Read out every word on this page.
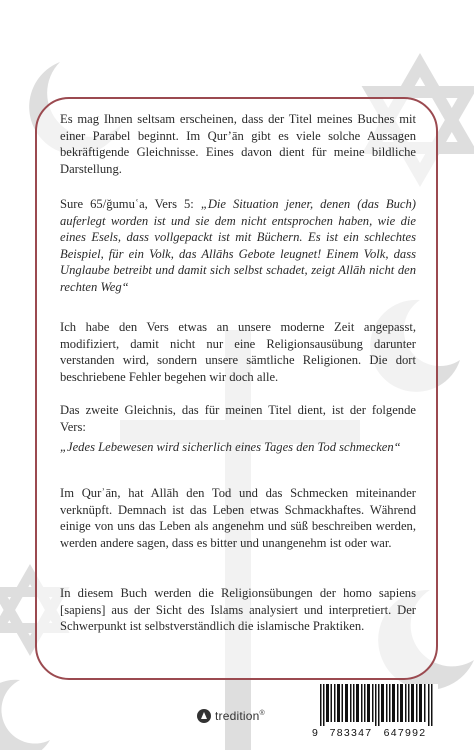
Es mag Ihnen seltsam erscheinen, dass der Titel meines Buches mit einer Parabel beginnt. Im Qur’ān gibt es viele solche Aussagen bekräftigende Gleichnisse. Eines davon dient für meine bildliche Darstellung.

Sure 65/ğumuʿa, Vers 5: „Die Situation jener, denen (das Buch) auferlegt worden ist und sie dem nicht entsprochen haben, wie die eines Esels, dass vollgepackt ist mit Büchern. Es ist ein schlechtes Beispiel, für ein Volk, das Allāhs Gebote leugnet! Einem Volk, dass Unglaube betreibt und damit sich selbst schadet, zeigt Allāh nicht den rechten Weg“

Ich habe den Vers etwas an unsere moderne Zeit angepasst, modifiziert, damit nicht nur eine Religionsausübung darunter verstanden wird, sondern unsere sämtliche Religionen. Die dort beschriebene Fehler begehen wir doch alle.

Das zweite Gleichnis, das für meinen Titel dient, ist der folgende Vers:

„Jedes Lebewesen wird sicherlich eines Tages den Tod schmecken“

Im Qurʾān, hat Allāh den Tod und das Schmecken miteinander verknüpft. Demnach ist das Leben etwas Schmackhaftes. Während einige von uns das Leben als angenehm und süß beschreiben werden, werden andere sagen, dass es bitter und unangenehm ist oder war.

In diesem Buch werden die Religionsübungen der homo sapiens [sapiens] aus der Sicht des Islams analysiert und interpretiert. Der Schwerpunkt ist selbstverständlich die islamische Praktiken.

tredition®
9	783347	647992
